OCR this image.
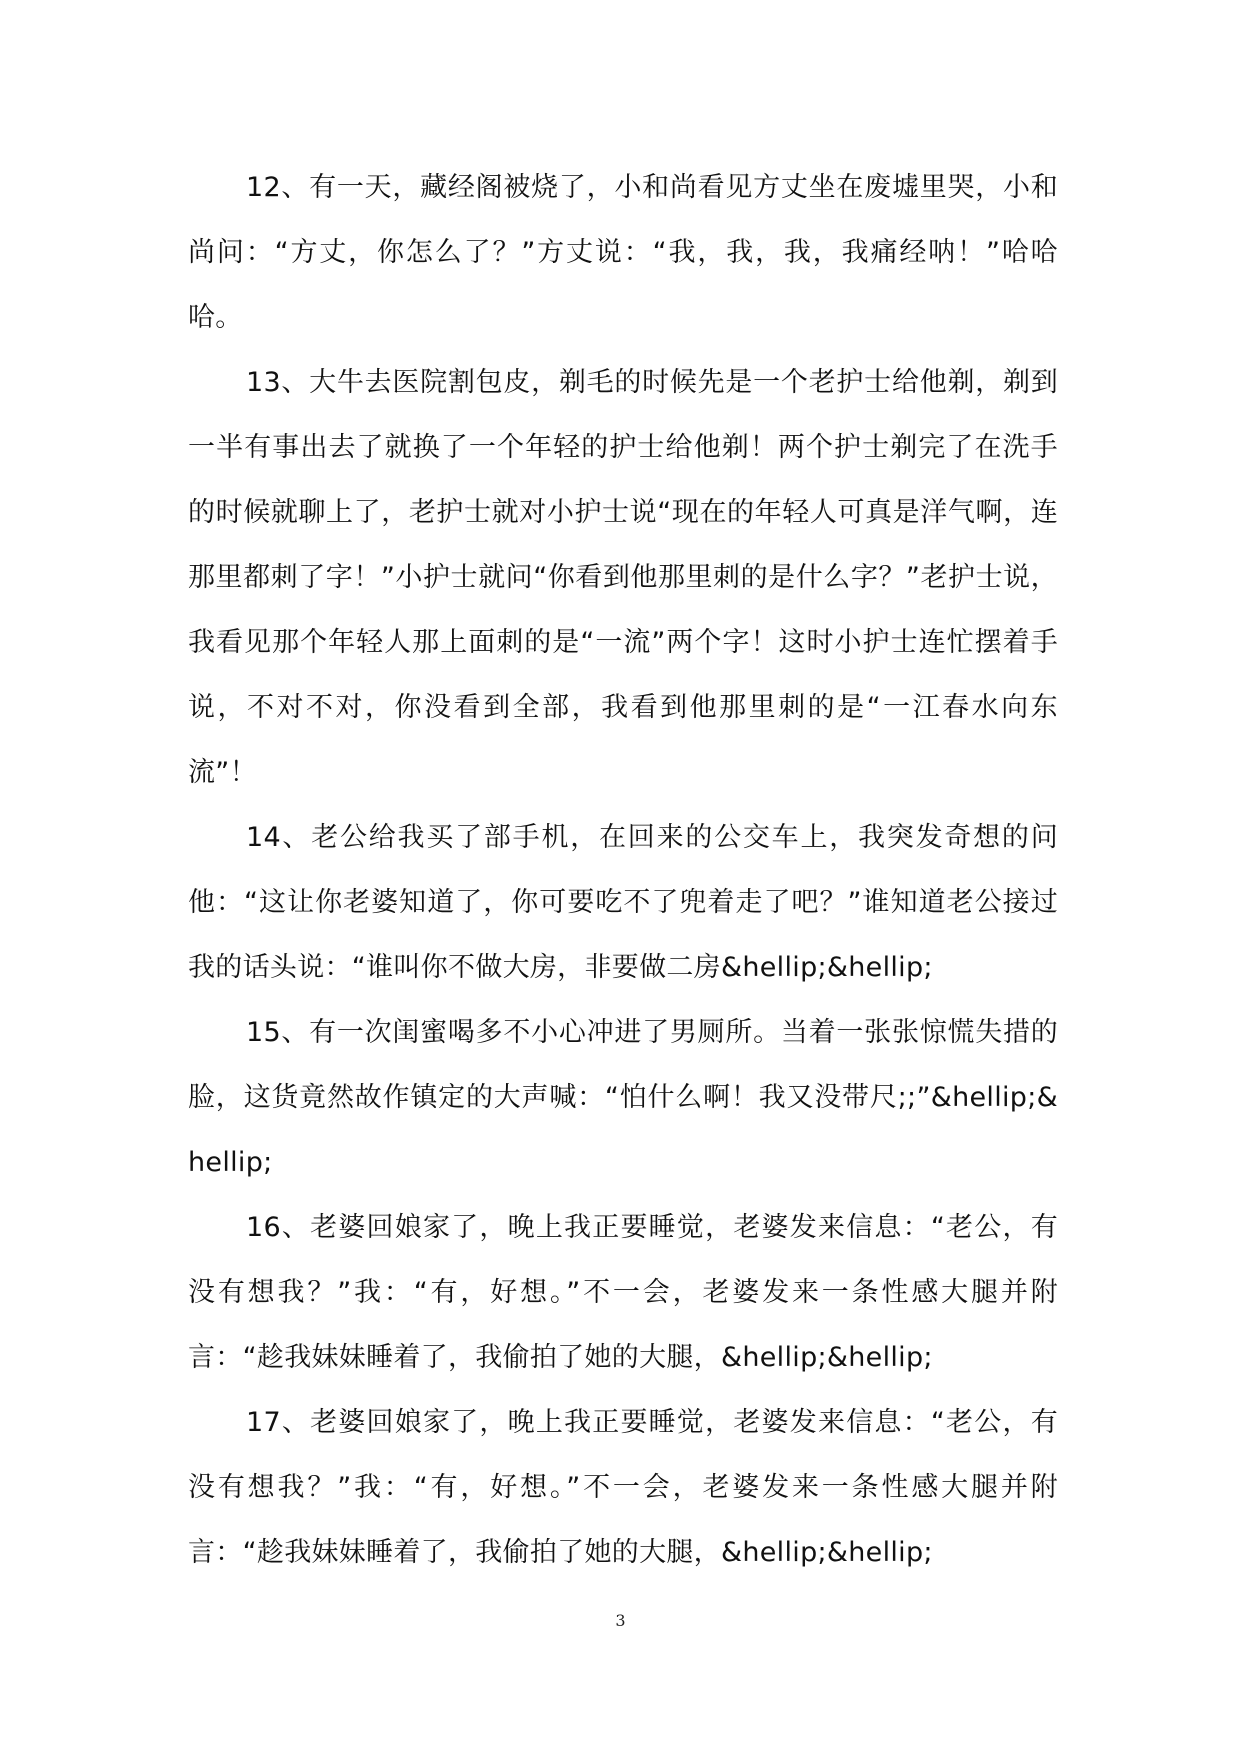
12、有一天，藏经阁被烧了，小和尚看见方丈坐在废墟里哭，小和尚问：“方丈，你怎么了？”方丈说：“我，我，我，我痛经呐！”哈哈哈。

13、大牛去医院割包皮，剃毛的时候先是一个老护士给他剃，剃到一半有事出去了就换了一个年轻的护士给他剃！两个护士剃完了在洗手的时候就聊上了，老护士就对小护士说“现在的年轻人可真是洋气啊，连那里都刺了字！”小护士就问“你看到他那里刺的是什么字？”老护士说，我看见那个年轻人那上面刺的是“一流”两个字！这时小护士连忙摆着手说，不对不对，你没看到全部，我看到他那里刺的是“一江春水向东流”！

14、老公给我买了部手机，在回来的公交车上，我突发奇想的问他：“这让你老婆知道了，你可要吃不了兜着走了吧？”谁知道老公接过我的话头说：“谁叫你不做大房，非要做二房&hellip;&hellip;

15、有一次闺蜜喝多不小心冲进了男厕所。当着一张张惊慌失措的脸，这货竟然故作镇定的大声喊：“怕什么啊！我又没带尺;;”&hellip;&hellip;

16、老婆回娘家了，晚上我正要睡觉，老婆发来信息：“老公，有没有想我？”我：“有，好想。”不一会，老婆发来一条性感大腿并附言：“趁我妹妹睡着了，我偷拍了她的大腿，&hellip;&hellip;

17、老婆回娘家了，晚上我正要睡觉，老婆发来信息：“老公，有没有想我？”我：“有，好想。”不一会，老婆发来一条性感大腿并附言：“趁我妹妹睡着了，我偷拍了她的大腿，&hellip;&hellip;

3
